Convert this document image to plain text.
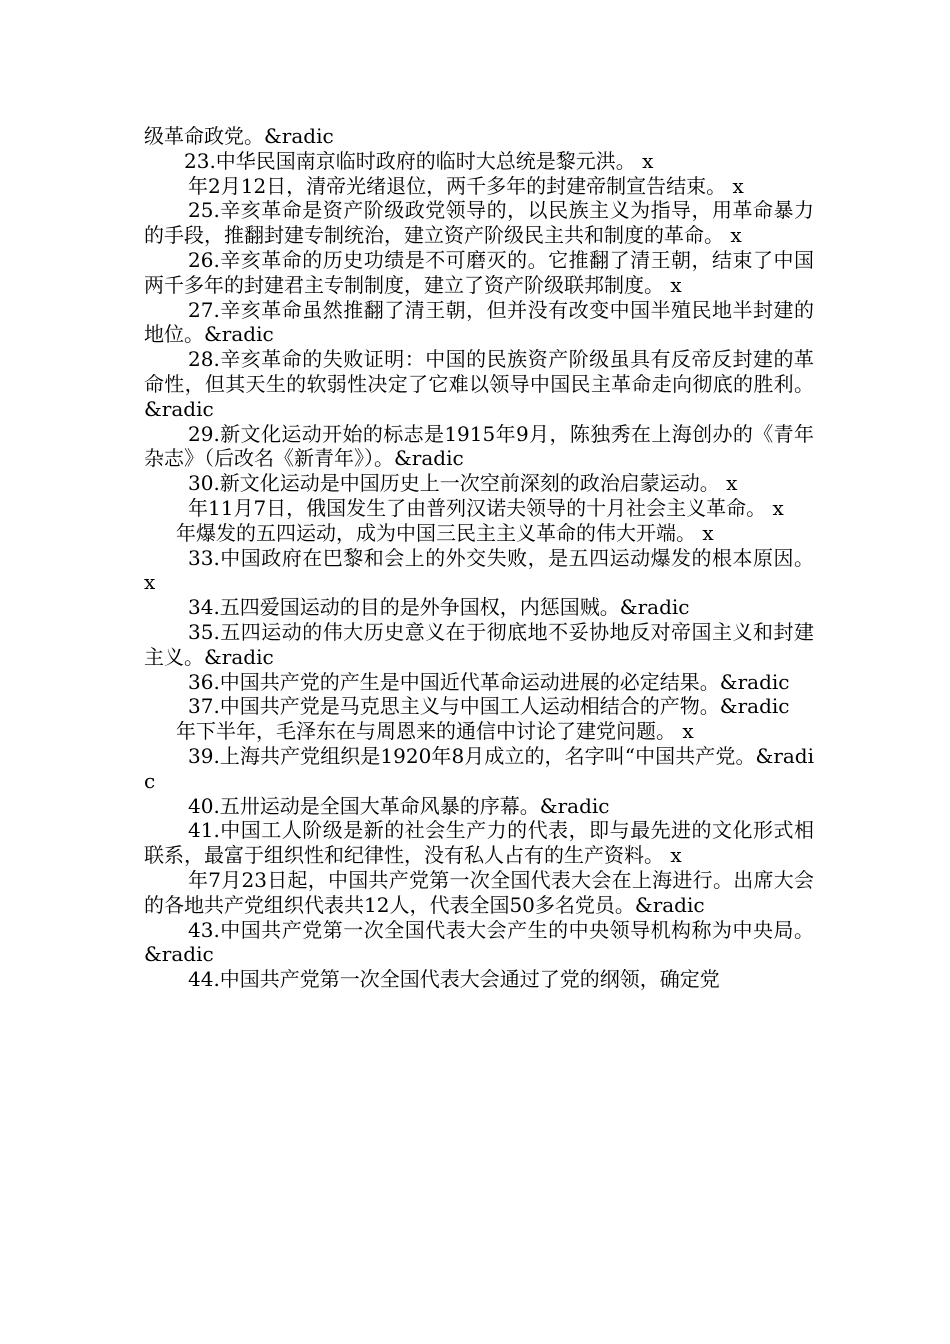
级革命政党。&radic

23.中华民国南京临时政府的临时大总统是黎元洪。 x

年2月12日，清帝光绪退位，两千多年的封建帝制宣告结束。 x

25.辛亥革命是资产阶级政党领导的，以民族主义为指导，用革命暴力的手段，推翻封建专制统治，建立资产阶级民主共和制度的革命。 x

26.辛亥革命的历史功绩是不可磨灭的。它推翻了清王朝，结束了中国两千多年的封建君主专制制度，建立了资产阶级联邦制度。 x

27.辛亥革命虽然推翻了清王朝，但并没有改变中国半殖民地半封建的地位。&radic

28.辛亥革命的失败证明：中国的民族资产阶级虽具有反帝反封建的革命性，但其天生的软弱性决定了它难以领导中国民主革命走向彻底的胜利。&radic

29.新文化运动开始的标志是1915年9月，陈独秀在上海创办的《青年杂志》（后改名《新青年》）。&radic

30.新文化运动是中国历史上一次空前深刻的政治启蒙运动。 x

年11月7日，俄国发生了由普列汉诺夫领导的十月社会主义革命。 x

年爆发的五四运动，成为中国三民主主义革命的伟大开端。 x

33.中国政府在巴黎和会上的外交失败，是五四运动爆发的根本原因。 x

34.五四爱国运动的目的是外争国权，内惩国贼。&radic

35.五四运动的伟大历史意义在于彻底地不妥协地反对帝国主义和封建主义。&radic

36.中国共产党的产生是中国近代革命运动进展的必定结果。&radic

37.中国共产党是马克思主义与中国工人运动相结合的产物。&radic

年下半年，毛泽东在与周恩来的通信中讨论了建党问题。 x

39.上海共产党组织是1920年8月成立的，名字叫“中国共产党。&radic

40.五卅运动是全国大革命风暴的序幕。&radic

41.中国工人阶级是新的社会生产力的代表，即与最先进的文化形式相联系，最富于组织性和纪律性，没有私人占有的生产资料。 x

年7月23日起，中国共产党第一次全国代表大会在上海进行。出席大会的各地共产党组织代表共12人，代表全国50多名党员。&radic

43.中国共产党第一次全国代表大会产生的中央领导机构称为中央局。&radic

44.中国共产党第一次全国代表大会通过了党的纲领，确定党
